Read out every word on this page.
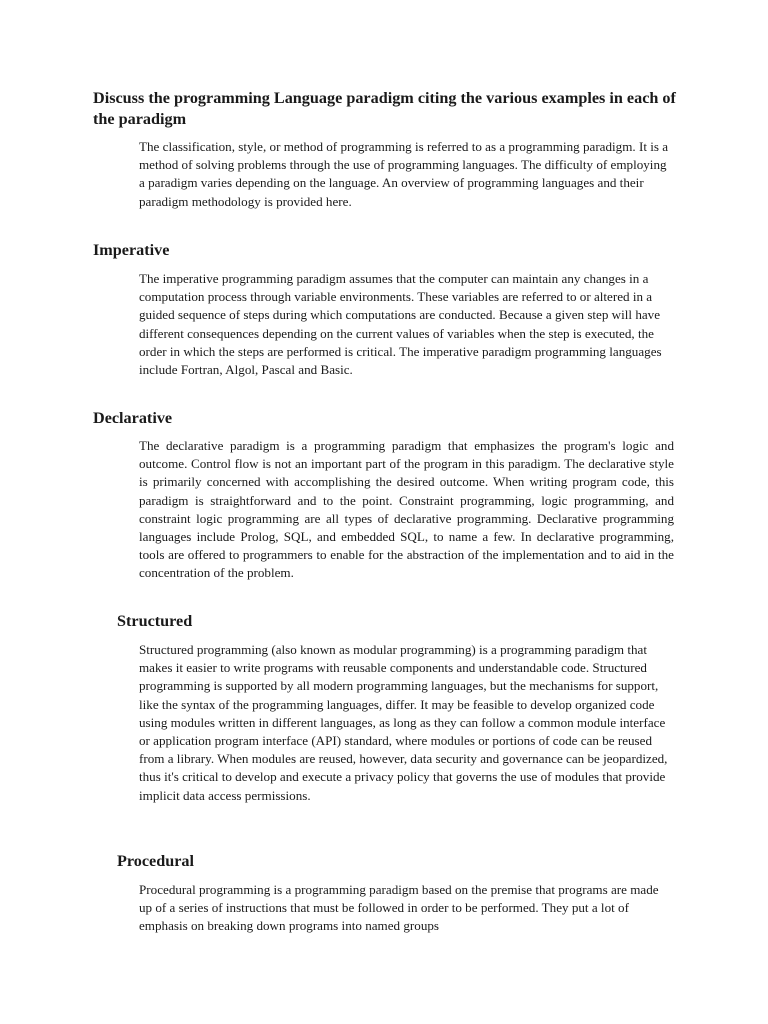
Discuss the programming Language paradigm citing the various examples in each of the paradigm

The classification, style, or method of programming is referred to as a programming paradigm. It is a method of solving problems through the use of programming languages. The difficulty of employing a paradigm varies depending on the language. An overview of programming languages and their paradigm methodology is provided here.

Imperative

The imperative programming paradigm assumes that the computer can maintain any changes in a computation process through variable environments. These variables are referred to or altered in a guided sequence of steps during which computations are conducted. Because a given step will have different consequences depending on the current values of variables when the step is executed, the order in which the steps are performed is critical. The imperative paradigm programming languages include Fortran, Algol, Pascal and Basic.

Declarative

The declarative paradigm is a programming paradigm that emphasizes the program's logic and outcome. Control flow is not an important part of the program in this paradigm. The declarative style is primarily concerned with accomplishing the desired outcome. When writing program code, this paradigm is straightforward and to the point. Constraint programming, logic programming, and constraint logic programming are all types of declarative programming. Declarative programming languages include Prolog, SQL, and embedded SQL, to name a few. In declarative programming, tools are offered to programmers to enable for the abstraction of the implementation and to aid in the concentration of the problem.

Structured

Structured programming (also known as modular programming) is a programming paradigm that makes it easier to write programs with reusable components and understandable code. Structured programming is supported by all modern programming languages, but the mechanisms for support, like the syntax of the programming languages, differ. It may be feasible to develop organized code using modules written in different languages, as long as they can follow a common module interface or application program interface (API) standard, where modules or portions of code can be reused from a library. When modules are reused, however, data security and governance can be jeopardized, thus it's critical to develop and execute a privacy policy that governs the use of modules that provide implicit data access permissions.

Procedural

Procedural programming is a programming paradigm based on the premise that programs are made up of a series of instructions that must be followed in order to be performed. They put a lot of emphasis on breaking down programs into named groups
